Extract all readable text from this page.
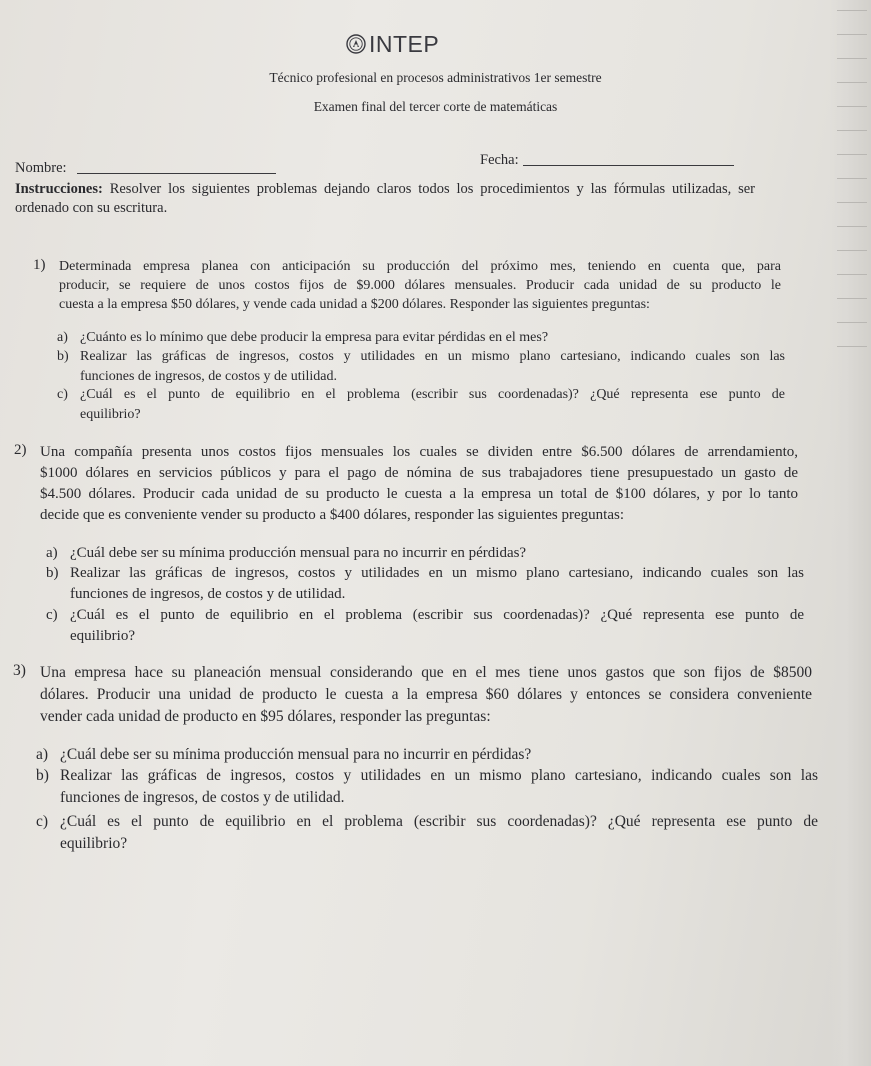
INTEP
Técnico profesional en procesos administrativos 1er semestre
Examen final del tercer corte de matemáticas
Nombre:	Fecha:
Instrucciones: Resolver los siguientes problemas dejando claros todos los procedimientos y las fórmulas utilizadas, ser
ordenado con su escritura.
1) Determinada empresa planea con anticipación su producción del próximo mes, teniendo en cuenta que, para
producir, se requiere de unos costos fijos de $9.000 dólares mensuales. Producir cada unidad de su producto le
cuesta a la empresa $50 dólares, y vende cada unidad a $200 dólares. Responder las siguientes preguntas:
a) ¿Cuánto es lo mínimo que debe producir la empresa para evitar pérdidas en el mes?
b) Realizar las gráficas de ingresos, costos y utilidades en un mismo plano cartesiano, indicando cuales son las
funciones de ingresos, de costos y de utilidad.
c) ¿Cuál es el punto de equilibrio en el problema (escribir sus coordenadas)? ¿Qué representa ese punto de
equilibrio?
2) Una compañía presenta unos costos fijos mensuales los cuales se dividen entre $6.500 dólares de arrendamiento,
$1000 dólares en servicios públicos y para el pago de nómina de sus trabajadores tiene presupuestado un gasto de
$4.500 dólares. Producir cada unidad de su producto le cuesta a la empresa un total de $100 dólares, y por lo tanto
decide que es conveniente vender su producto a $400 dólares, responder las siguientes preguntas:
a) ¿Cuál debe ser su mínima producción mensual para no incurrir en pérdidas?
b) Realizar las gráficas de ingresos, costos y utilidades en un mismo plano cartesiano, indicando cuales son las
funciones de ingresos, de costos y de utilidad.
c) ¿Cuál es el punto de equilibrio en el problema (escribir sus coordenadas)? ¿Qué representa ese punto de
equilibrio?
3) Una empresa hace su planeación mensual considerando que en el mes tiene unos gastos que son fijos de $8500
dólares. Producir una unidad de producto le cuesta a la empresa $60 dólares y entonces se considera conveniente
vender cada unidad de producto en $95 dólares, responder las preguntas:
a) ¿Cuál debe ser su mínima producción mensual para no incurrir en pérdidas?
b) Realizar las gráficas de ingresos, costos y utilidades en un mismo plano cartesiano, indicando cuales son las
funciones de ingresos, de costos y de utilidad.
c) ¿Cuál es el punto de equilibrio en el problema (escribir sus coordenadas)? ¿Qué representa ese punto de
equilibrio?
